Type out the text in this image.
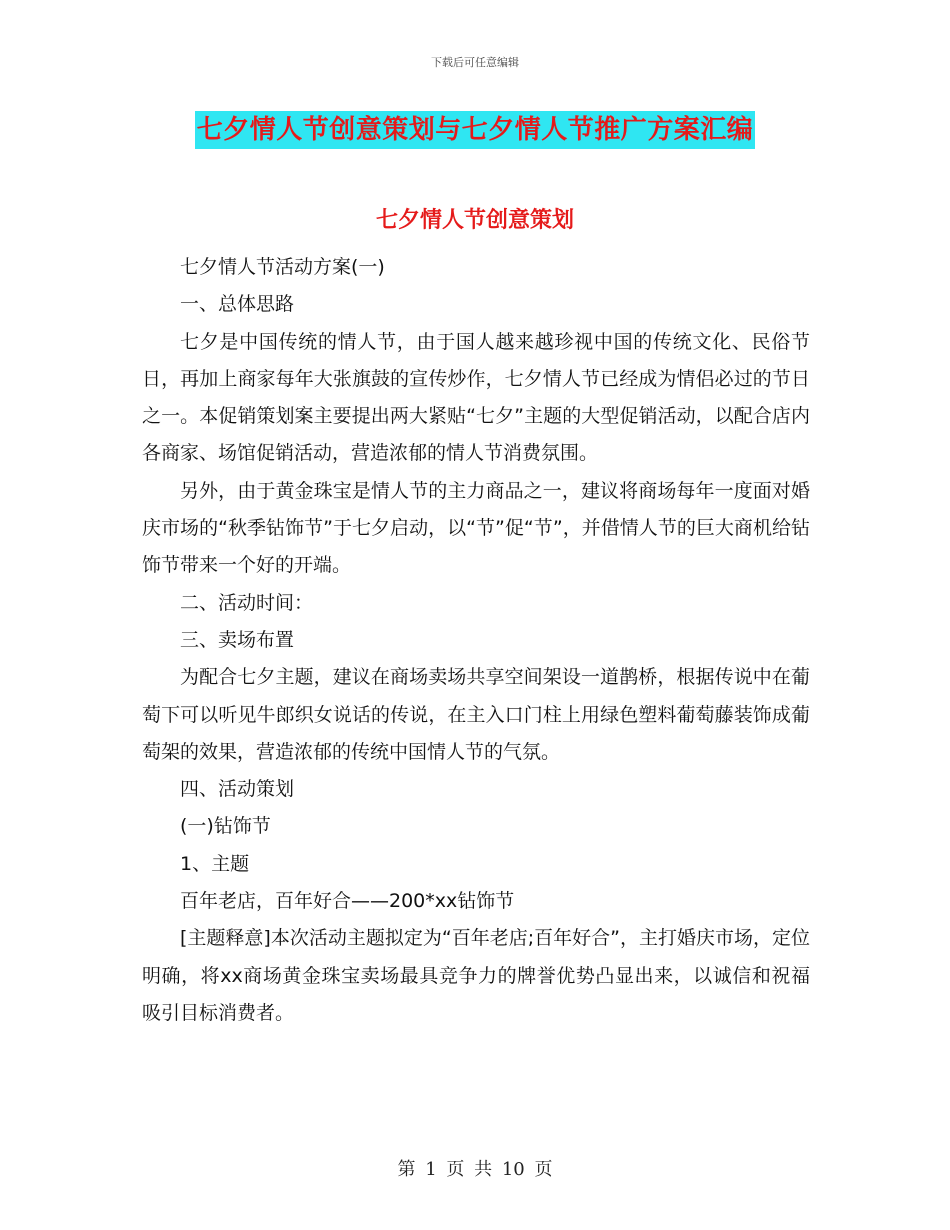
下载后可任意编辑
七夕情人节创意策划与七夕情人节推广方案汇编
七夕情人节创意策划

七夕情人节活动方案(一)

一、总体思路

七夕是中国传统的情人节，由于国人越来越珍视中国的传统文化、民俗节日，再加上商家每年大张旗鼓的宣传炒作，七夕情人节已经成为情侣必过的节日之一。本促销策划案主要提出两大紧贴“七夕”主题的大型促销活动，以配合店内各商家、场馆促销活动，营造浓郁的情人节消费氛围。

另外，由于黄金珠宝是情人节的主力商品之一，建议将商场每年一度面对婚庆市场的“秋季钻饰节”于七夕启动，以“节”促“节”，并借情人节的巨大商机给钻饰节带来一个好的开端。

二、活动时间：

三、卖场布置

为配合七夕主题，建议在商场卖场共享空间架设一道鹊桥，根据传说中在葡萄下可以听见牛郎织女说话的传说，在主入口门柱上用绿色塑料葡萄藤装饰成葡萄架的效果，营造浓郁的传统中国情人节的气氛。

四、活动策划

(一)钻饰节

1、主题

百年老店，百年好合——200*xx钻饰节

[主题释意]本次活动主题拟定为“百年老店;百年好合”，主打婚庆市场，定位明确，将xx商场黄金珠宝卖场最具竞争力的牌誉优势凸显出来，以诚信和祝福吸引目标消费者。

第 1 页 共 10 页
